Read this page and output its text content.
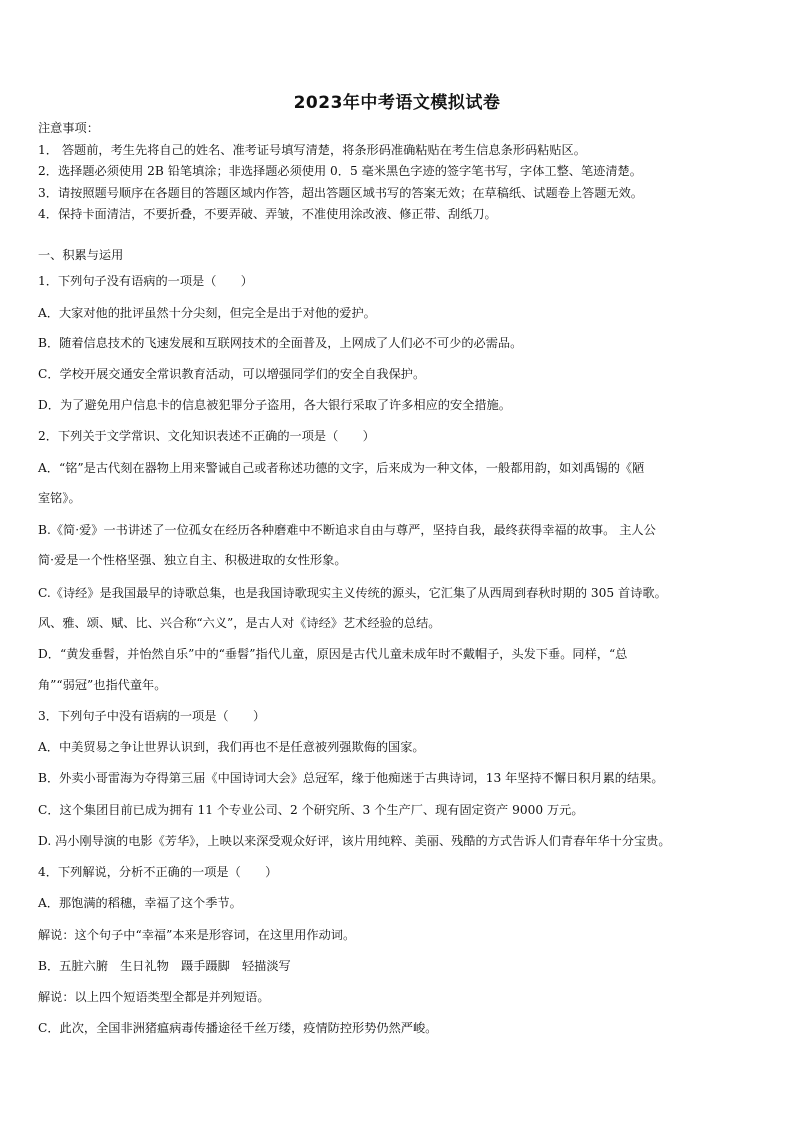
2023年中考语文模拟试卷
注意事项：
1． 答题前，考生先将自己的姓名、准考证号填写清楚，将条形码准确粘贴在考生信息条形码粘贴区。
2．选择题必须使用 2B 铅笔填涂；非选择题必须使用 0．5 毫米黑色字迹的签字笔书写，字体工整、笔迹清楚。
3．请按照题号顺序在各题目的答题区域内作答，超出答题区域书写的答案无效；在草稿纸、试题卷上答题无效。
4．保持卡面清洁，不要折叠，不要弄破、弄皱，不准使用涂改液、修正带、刮纸刀。
一、积累与运用
1．下列句子没有语病的一项是（　　）
A．大家对他的批评虽然十分尖刻，但完全是出于对他的爱护。
B．随着信息技术的飞速发展和互联网技术的全面普及，上网成了人们必不可少的必需品。
C．学校开展交通安全常识教育活动，可以增强同学们的安全自我保护。
D．为了避免用户信息卡的信息被犯罪分子盗用，各大银行采取了许多相应的安全措施。
2．下列关于文学常识、文化知识表述不正确的一项是（　　）
A．“铭”是古代刻在器物上用来警诫自己或者称述功德的文字，后来成为一种文体，一般都用韵，如刘禹锡的《陋
室铭》。
B.《简·爱》一书讲述了一位孤女在经历各种磨难中不断追求自由与尊严，坚持自我，最终获得幸福的故事。 主人公
简·爱是一个性格坚强、独立自主、积极进取的女性形象。
C.《诗经》是我国最早的诗歌总集，也是我国诗歌现实主义传统的源头，它汇集了从西周到春秋时期的 305 首诗歌。
风、雅、颂、赋、比、兴合称“六义”，是古人对《诗经》艺术经验的总结。
D．“黄发垂髫，并怡然自乐”中的“垂髫”指代儿童，原因是古代儿童未成年时不戴帽子，头发下垂。同样，“总
角”“弱冠”也指代童年。
3．下列句子中没有语病的一项是（　　）
A．中美贸易之争让世界认识到，我们再也不是任意被列强欺侮的国家。
B．外卖小哥雷海为夺得第三届《中国诗词大会》总冠军，缘于他痴迷于古典诗词，13 年坚持不懈日积月累的结果。
C．这个集团目前已成为拥有 11 个专业公司、2 个研究所、3 个生产厂、现有固定资产 9000 万元。
D. 冯小刚导演的电影《芳华》，上映以来深受观众好评，该片用纯粹、美丽、残酷的方式告诉人们青春年华十分宝贵。
4．下列解说，分析不正确的一项是（　　）
A．那饱满的稻穗，幸福了这个季节。
解说：这个句子中“幸福”本来是形容词，在这里用作动词。
B．五脏六腑　生日礼物　蹑手蹑脚　轻描淡写
解说：以上四个短语类型全都是并列短语。
C．此次，全国非洲猪瘟病毒传播途径千丝万缕，疫情防控形势仍然严峻。
